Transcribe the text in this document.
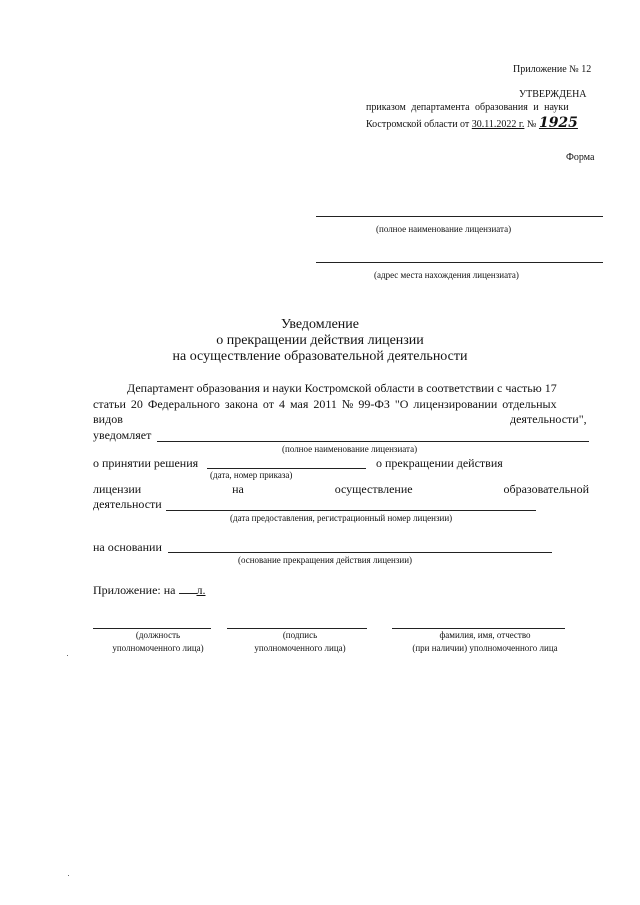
Приложение № 12
УТВЕРЖДЕНА
приказом департамента образования и науки
Костромской области от 30.11.2022 г. № 1925
Форма
(полное наименование лицензиата)
(адрес места нахождения лицензиата)
Уведомление
о прекращении действия лицензии
на осуществление образовательной деятельности
Департамент образования и науки Костромской области в соответствии с частью 17
статьи 20 Федерального закона от 4 мая 2011 № 99-ФЗ "О лицензировании отдельных
видов	деятельности",
уведомляет
(полное наименование лицензиата)
о принятии решения	о прекращении действия
(дата, номер приказа)
лицензии	на	осуществление	образовательной
деятельности
(дата предоставления, регистрационный номер лицензии)
на основании
(основание прекращения действия лицензии)
Приложение: на л.
(должность
уполномоченного лица)
(подпись
уполномоченного лица)
фамилия, имя, отчество
(при наличии) уполномоченного лица
